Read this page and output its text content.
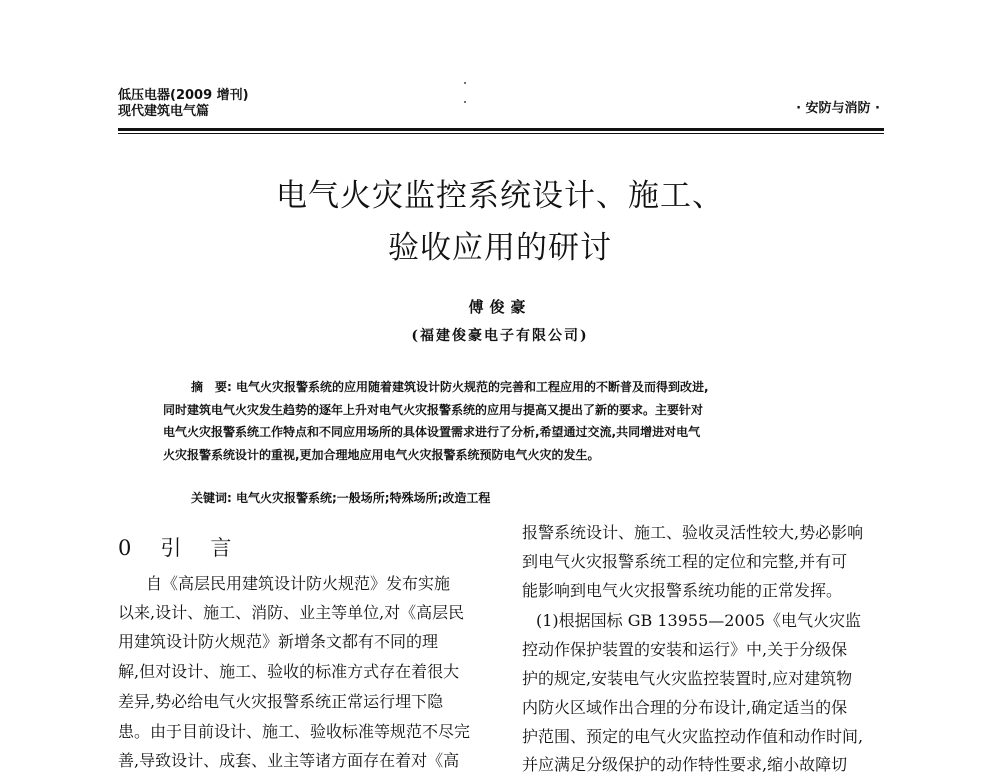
低压电器(2009 增刊)
现代建筑电气篇	· 安防与消防 ·
电气火灾监控系统设计、施工、
验收应用的研讨
傅俊豪
(福建俊豪电子有限公司)
摘　要: 电气火灾报警系统的应用随着建筑设计防火规范的完善和工程应用的不断普及而得到改进,
同时建筑电气火灾发生趋势的逐年上升对电气火灾报警系统的应用与提高又提出了新的要求。主要针对
电气火灾报警系统工作特点和不同应用场所的具体设置需求进行了分析,希望通过交流,共同增进对电气
火灾报警系统设计的重视,更加合理地应用电气火灾报警系统预防电气火灾的发生。
关键词: 电气火灾报警系统;一般场所;特殊场所;改造工程
0　引　言
自《高层民用建筑设计防火规范》发布实施
以来,设计、施工、消防、业主等单位,对《高层民
用建筑设计防火规范》新增条文都有不同的理
解,但对设计、施工、验收的标准方式存在着很大
差异,势必给电气火灾报警系统正常运行埋下隐
患。由于目前设计、施工、验收标准等规范不尽完
善,导致设计、成套、业主等诸方面存在着对《高
报警系统设计、施工、验收灵活性较大,势必影响
到电气火灾报警系统工程的定位和完整,并有可
能影响到电气火灾报警系统功能的正常发挥。
(1)根据国标 GB 13955—2005《电气火灾监
控动作保护装置的安装和运行》中,关于分级保
护的规定,安装电气火灾监控装置时,应对建筑物
内防火区域作出合理的分布设计,确定适当的保
护范围、预定的电气火灾监控动作值和动作时间,
并应满足分级保护的动作特性要求,缩小故障切
